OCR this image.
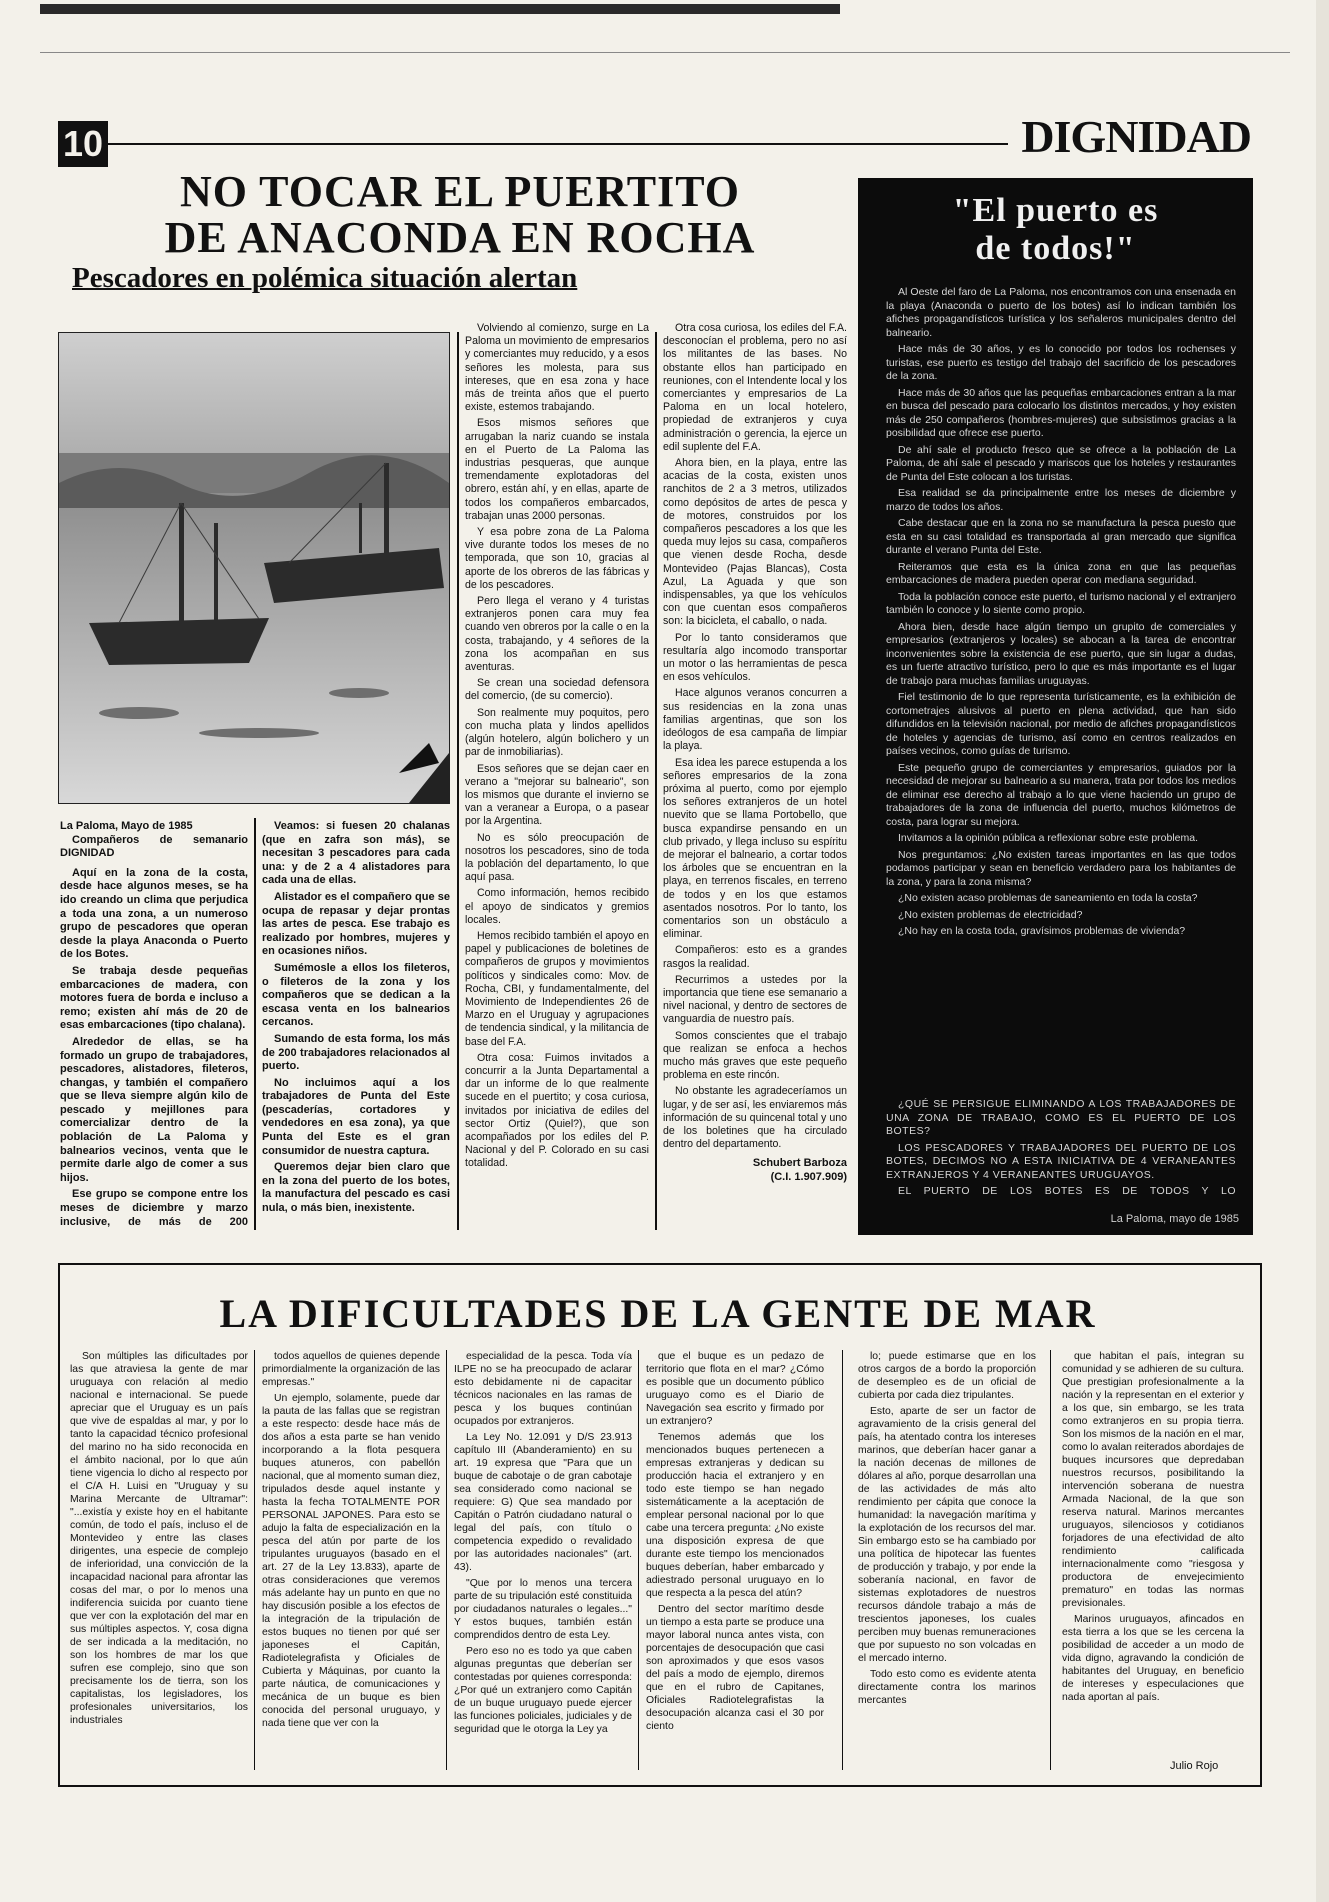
10	DIGNIDAD
NO TOCAR EL PUERTITO
DE ANACONDA EN ROCHA
Pescadores en polémica situación alertan
La Paloma, Mayo de 1985
Compañeros de semanario DIGNIDAD

Aquí en la zona de la costa, desde hace algunos meses, se ha ido creando un clima que perjudica a toda una zona, a un numeroso grupo de pescadores que operan desde la playa Anaconda o Puerto de los Botes.

Se trabaja desde pequeñas embarcaciones de madera, con motores fuera de borda e incluso a remo; existen ahí más de 20 de esas embarcaciones (tipo chalana).

Alrededor de ellas, se ha formado un grupo de trabajadores, pescadores, alistadores, fileteros, changas, y también el compañero que se lleva siempre algún kilo de pescado y mejillones para comercializar dentro de la población de La Paloma y balnearios vecinos, venta que le permite darle algo de comer a sus hijos.

Ese grupo se compone entre los meses de diciembre y marzo inclusive, de más de 200

Veamos: si fuesen 20 chalanas (que en zafra son más), se necesitan 3 pescadores para cada una: y de 2 a 4 alistadores para cada una de ellas.

Alistador es el compañero que se ocupa de repasar y dejar prontas las artes de pesca. Ese trabajo es realizado por hombres, mujeres y en ocasiones niños.

Sumémosle a ellos los fileteros, o fileteros de la zona y los compañeros que se dedican a la escasa venta en los balnearios cercanos.

Sumando de esta forma, los más de 200 trabajadores relacionados al puerto.

No incluimos aquí a los trabajadores de Punta del Este (pescaderías, cortadores y vendedores en esa zona), ya que Punta del Este es el gran consumidor de nuestra captura.

Queremos dejar bien claro que en la zona del puerto de los botes, la manufactura del pescado es casi nula, o más bien, inexistente.

Volviendo al comienzo, surge en La Paloma un movimiento de empresarios y comerciantes muy reducido, y a esos señores les molesta, para sus intereses, que en esa zona y hace más de treinta años que el puerto existe, estemos trabajando.

Esos mismos señores que arrugaban la nariz cuando se instala en el Puerto de La Paloma las industrias pesqueras, que aunque tremendamente explotadoras del obrero, están ahí, y en ellas, aparte de todos los compañeros embarcados, trabajan unas 2000 personas.

Y esa pobre zona de La Paloma vive durante todos los meses de no temporada, que son 10, gracias al aporte de los obreros de las fábricas y de los pescadores.

Pero llega el verano y 4 turistas extranjeros ponen cara muy fea cuando ven obreros por la calle o en la costa, trabajando, y 4 señores de la zona los acompañan en sus aventuras.

Se crean una sociedad defensora del comercio, (de su comercio).

Son realmente muy poquitos, pero con mucha plata y lindos apellidos (algún hotelero, algún bolichero y un par de inmobiliarias).

Esos señores que se dejan caer en verano a "mejorar su balneario", son los mismos que durante el invierno se van a veranear a Europa, o a pasear por la Argentina.

No es sólo preocupación de nosotros los pescadores, sino de toda la población del departamento, lo que aquí pasa.

Como información, hemos recibido el apoyo de sindicatos y gremios locales.

Hemos recibido también el apoyo en papel y publicaciones de boletines de compañeros de grupos y movimientos políticos y sindicales como: Mov. de Rocha, CBI, y fundamentalmente, del Movimiento de Independientes 26 de Marzo en el Uruguay y agrupaciones de tendencia sindical, y la militancia de base del F.A.

Otra cosa: Fuimos invitados a concurrir a la Junta Departamental a dar un informe de lo que realmente sucede en el puertito; y cosa curiosa, invitados por iniciativa de ediles del sector Ortiz (Quiel?), que son acompañados por los ediles del P. Nacional y del P. Colorado en su casi totalidad.

Otra cosa curiosa, los ediles del F.A. desconocían el problema, pero no así los militantes de las bases. No obstante ellos han participado en reuniones, con el Intendente local y los comerciantes y empresarios de La Paloma en un local hotelero, propiedad de extranjeros y cuya administración o gerencia, la ejerce un edil suplente del F.A.

Ahora bien, en la playa, entre las acacias de la costa, existen unos ranchitos de 2 a 3 metros, utilizados como depósitos de artes de pesca y de motores, construidos por los compañeros pescadores a los que les queda muy lejos su casa, compañeros que vienen desde Rocha, desde Montevideo (Pajas Blancas), Costa Azul, La Aguada y que son indispensables, ya que los vehículos con que cuentan esos compañeros son: la bicicleta, el caballo, o nada.

Por lo tanto consideramos que resultaría algo incomodo transportar un motor o las herramientas de pesca en esos vehículos.

Hace algunos veranos concurren a sus residencias en la zona unas familias argentinas, que son los ideólogos de esa campaña de limpiar la playa.

Esa idea les parece estupenda a los señores empresarios de la zona próxima al puerto, como por ejemplo los señores extranjeros de un hotel nuevito que se llama Portobello, que busca expandirse pensando en un club privado, y llega incluso su espíritu de mejorar el balneario, a cortar todos los árboles que se encuentran en la playa, en terrenos fiscales, en terreno de todos y en los que estamos asentados nosotros. Por lo tanto, los comentarios son un obstáculo a eliminar.

Compañeros: esto es a grandes rasgos la realidad.

Recurrimos a ustedes por la importancia que tiene ese semanario a nivel nacional, y dentro de sectores de vanguardia de nuestro país.

Somos conscientes que el trabajo que realizan se enfoca a hechos mucho más graves que este pequeño problema en este rincón.

No obstante les agradeceríamos un lugar, y de ser así, les enviaremos más información de su quincenal total y uno de los boletines que ha circulado dentro del departamento.

Schubert Barboza
(C.I. 1.907.909)
"El puerto es
de todos!"

Al Oeste del faro de La Paloma, nos encontramos con una ensenada en la playa (Anaconda o puerto de los botes) así lo indican también los afiches propagandísticos turística y los señaleros municipales dentro del balneario.

Hace más de 30 años, y es lo conocido por todos los rochenses y turistas, ese puerto es testigo del trabajo del sacrificio de los pescadores de la zona.

Hace más de 30 años que las pequeñas embarcaciones entran a la mar en busca del pescado para colocarlo los distintos mercados, y hoy existen más de 250 compañeros (hombres-mujeres) que subsistimos gracias a la posibilidad que ofrece ese puerto.

De ahí sale el producto fresco que se ofrece a la población de La Paloma, de ahí sale el pescado y mariscos que los hoteles y restaurantes de Punta del Este colocan a los turistas.

Esa realidad se da principalmente entre los meses de diciembre y marzo de todos los años.

Cabe destacar que en la zona no se manufactura la pesca puesto que esta en su casi totalidad es transportada al gran mercado que significa durante el verano Punta del Este.

Reiteramos que esta es la única zona en que las pequeñas embarcaciones de madera pueden operar con mediana seguridad.

Toda la población conoce este puerto, el turismo nacional y el extranjero también lo conoce y lo siente como propio.

Ahora bien, desde hace algún tiempo un grupito de comerciales y empresarios (extranjeros y locales) se abocan a la tarea de encontrar inconvenientes sobre la existencia de ese puerto, que sin lugar a dudas, es un fuerte atractivo turístico, pero lo que es más importante es el lugar de trabajo para muchas familias uruguayas.

Fiel testimonio de lo que representa turísticamente, es la exhibición de cortometrajes alusivos al puerto en plena actividad, que han sido difundidos en la televisión nacional, por medio de afiches propagandísticos de hoteles y agencias de turismo, así como en centros realizados en países vecinos, como guías de turismo.

Este pequeño grupo de comerciantes y empresarios, guiados por la necesidad de mejorar su balneario a su manera, trata por todos los medios de eliminar ese derecho al trabajo a lo que viene haciendo un grupo de trabajadores de la zona de influencia del puerto, muchos kilómetros de costa, para lograr su mejora.

Invitamos a la opinión pública a reflexionar sobre este problema.

Nos preguntamos: ¿No existen tareas importantes en las que todos podamos participar y sean en beneficio verdadero para los habitantes de la zona, y para la zona misma?

¿No existen acaso problemas de saneamiento en toda la costa?

¿No existen problemas de electricidad?

¿No hay en la costa toda, gravísimos problemas de vivienda?

¿QUÉ SE PERSIGUE ELIMINANDO A LOS TRABAJADORES DE UNA ZONA DE TRABAJO, COMO ES EL PUERTO DE LOS BOTES?

LOS PESCADORES Y TRABAJADORES DEL PUERTO DE LOS BOTES, DECIMOS NO A ESTA INICIATIVA DE 4 VERANEANTES EXTRANJEROS Y 4 VERANEANTES URUGUAYOS.

EL PUERTO DE LOS BOTES ES DE TODOS Y LO

La Paloma, mayo de 1985
LA DIFICULTADES DE LA GENTE DE MAR

Son múltiples las dificultades por las que atraviesa la gente de mar uruguaya con relación al medio nacional e internacional. Se puede apreciar que el Uruguay es un país que vive de espaldas al mar, y por lo tanto la capacidad técnico profesional del marino no ha sido reconocida en el ámbito nacional, por lo que aún tiene vigencia lo dicho al respecto por el C/A H. Luisi en "Uruguay y su Marina Mercante de Ultramar": "...existía y existe hoy en el habitante común, de todo el país, incluso el de Montevideo y entre las clases dirigentes, una especie de complejo de inferioridad, una convicción de la incapacidad nacional para afrontar las cosas del mar, o por lo menos una indiferencia suicida por cuanto tiene que ver con la explotación del mar en sus múltiples aspectos. Y, cosa digna de ser indicada a la meditación, no son los hombres de mar los que sufren ese complejo, sino que son precisamente los de tierra, son los capitalistas, los legisladores, los profesionales universitarios, los industriales

todos aquellos de quienes depende primordialmente la organización de las empresas."

Un ejemplo, solamente, puede dar la pauta de las fallas que se registran a este respecto: desde hace más de dos años a esta parte se han venido incorporando a la flota pesquera buques atuneros, con pabellón nacional, que al momento suman diez, tripulados desde aquel instante y hasta la fecha TOTALMENTE POR PERSONAL JAPONES. Para esto se adujo la falta de especialización en la pesca del atún por parte de los tripulantes uruguayos (basado en el art. 27 de la Ley 13.833), aparte de otras consideraciones que veremos más adelante hay un punto en que no hay discusión posible a los efectos de la integración de la tripulación de estos buques no tienen por qué ser japoneses el Capitán, Radiotelegrafista y Oficiales de Cubierta y Máquinas, por cuanto la parte náutica, de comunicaciones y mecánica de un buque es bien conocida del personal uruguayo, y nada tiene que ver con la

especialidad de la pesca. Toda vía ILPE no se ha preocupado de aclarar esto debidamente ni de capacitar técnicos nacionales en las ramas de pesca y los buques continúan ocupados por extranjeros.

La Ley No. 12.091 y D/S 23.913 capítulo III (Abanderamiento) en su art. 19 expresa que "Para que un buque de cabotaje o de gran cabotaje sea considerado como nacional se requiere: G) Que sea mandado por Capitán o Patrón ciudadano natural o legal del país, con título o competencia expedido o revalidado por las autoridades nacionales" (art. 43).

"Que por lo menos una tercera parte de su tripulación esté constituida por ciudadanos naturales o legales..." Y estos buques, también están comprendidos dentro de esta Ley.

Pero eso no es todo ya que caben algunas preguntas que deberían ser contestadas por quienes corresponda: ¿Por qué un extranjero como Capitán de un buque uruguayo puede ejercer las funciones policiales, judiciales y de seguridad que le otorga la Ley ya

que el buque es un pedazo de territorio que flota en el mar? ¿Cómo es posible que un documento público uruguayo como es el Diario de Navegación sea escrito y firmado por un extranjero?

Tenemos además que los mencionados buques pertenecen a empresas extranjeras y dedican su producción hacia el extranjero y en todo este tiempo se han negado sistemáticamente a la aceptación de emplear personal nacional por lo que cabe una tercera pregunta: ¿No existe una disposición expresa de que durante este tiempo los mencionados buques deberían, haber embarcado y adiestrado personal uruguayo en lo que respecta a la pesca del atún?

Dentro del sector marítimo desde un tiempo a esta parte se produce una mayor laboral nunca antes vista, con porcentajes de desocupación que casi son aproximados y que esos vasos del país a modo de ejemplo, diremos que en el rubro de Capitanes, Oficiales Radiotelegrafistas la desocupación alcanza casi el 30 por ciento

lo; puede estimarse que en los otros cargos de a bordo la proporción de desempleo es de un oficial de cubierta por cada diez tripulantes.

Esto, aparte de ser un factor de agravamiento de la crisis general del país, ha atentado contra los intereses marinos, que deberían hacer ganar a la nación decenas de millones de dólares al año, porque desarrollan una de las actividades de más alto rendimiento per cápita que conoce la humanidad: la navegación marítima y la explotación de los recursos del mar. Sin embargo esto se ha cambiado por una política de hipotecar las fuentes de producción y trabajo, y por ende la soberanía nacional, en favor de sistemas explotadores de nuestros recursos dándole trabajo a más de trescientos japoneses, los cuales perciben muy buenas remuneraciones que por supuesto no son volcadas en el mercado interno.

Todo esto como es evidente atenta directamente contra los marinos mercantes

que habitan el país, integran su comunidad y se adhieren de su cultura. Que prestigian profesionalmente a la nación y la representan en el exterior y a los que, sin embargo, se les trata como extranjeros en su propia tierra. Son los mismos de la nación en el mar, como lo avalan reiterados abordajes de buques incursores que depredaban nuestros recursos, posibilitando la intervención soberana de nuestra Armada Nacional, de la que son reserva natural. Marinos mercantes uruguayos, silenciosos y cotidianos forjadores de una efectividad de alto rendimiento calificada internacionalmente como "riesgosa y productora de envejecimiento prematuro" en todas las normas previsionales.

Marinos uruguayos, afincados en esta tierra a los que se les cercena la posibilidad de acceder a un modo de vida digno, agravando la condición de habitantes del Uruguay, en beneficio de intereses y especulaciones que nada aportan al país.

Julio Rojo
